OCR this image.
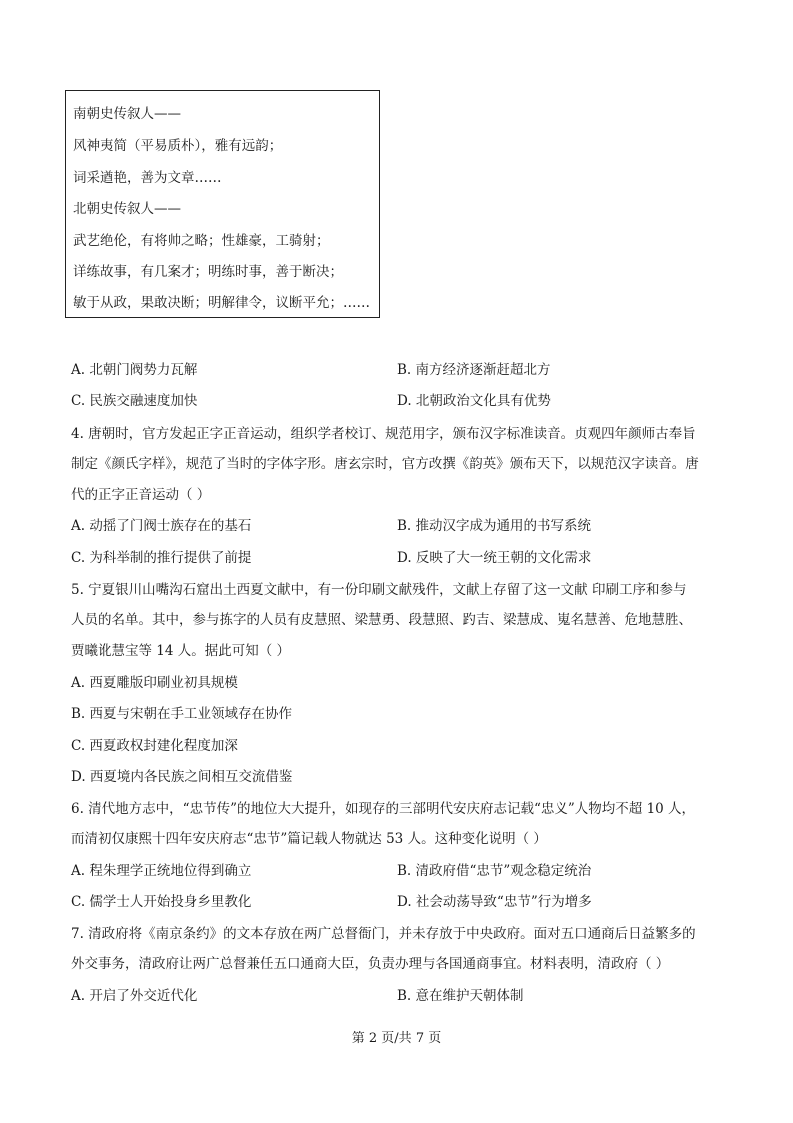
南朝史传叙人——
风神夷简（平易质朴），雅有远韵；
词采遒艳，善为文章……
北朝史传叙人——
武艺绝伦，有将帅之略；性雄豪，工骑射；
详练故事，有几案才；明练时事，善于断决；
敏于从政，果敢决断；明解律令，议断平允；……
A. 北朝门阀势力瓦解	B. 南方经济逐渐赶超北方
C. 民族交融速度加快	D. 北朝政治文化具有优势
4. 唐朝时，官方发起正字正音运动，组织学者校订、规范用字，颁布汉字标准读音。贞观四年颜师古奉旨
制定《颜氏字样》，规范了当时的字体字形。唐玄宗时，官方改撰《韵英》颁布天下，以规范汉字读音。唐
代的正字正音运动（ ）
A. 动摇了门阀士族存在的基石	B. 推动汉字成为通用的书写系统
C. 为科举制的推行提供了前提	D. 反映了大一统王朝的文化需求
5. 宁夏银川山嘴沟石窟出土西夏文献中，有一份印刷文献残件，文献上存留了这一文献 印刷工序和参与
人员的名单。其中，参与拣字的人员有皮慧照、梁慧勇、段慧照、趵吉、梁慧成、嵬名慧善、危地慧胜、
贾曦讹慧宝等 14 人。据此可知（ ）
A. 西夏雕版印刷业初具规模
B. 西夏与宋朝在手工业领域存在协作
C. 西夏政权封建化程度加深
D. 西夏境内各民族之间相互交流借鉴
6. 清代地方志中，“忠节传”的地位大大提升，如现存的三部明代安庆府志记载“忠义”人物均不超 10 人，
而清初仅康熙十四年安庆府志“忠节”篇记载人物就达 53 人。这种变化说明（ ）
A. 程朱理学正统地位得到确立	B. 清政府借“忠节”观念稳定统治
C. 儒学士人开始投身乡里教化	D. 社会动荡导致“忠节”行为增多
7. 清政府将《南京条约》的文本存放在两广总督衙门，并未存放于中央政府。面对五口通商后日益繁多的
外交事务，清政府让两广总督兼任五口通商大臣，负责办理与各国通商事宜。材料表明，清政府（ ）
A. 开启了外交近代化	B. 意在维护天朝体制
第 2 页/共 7 页
